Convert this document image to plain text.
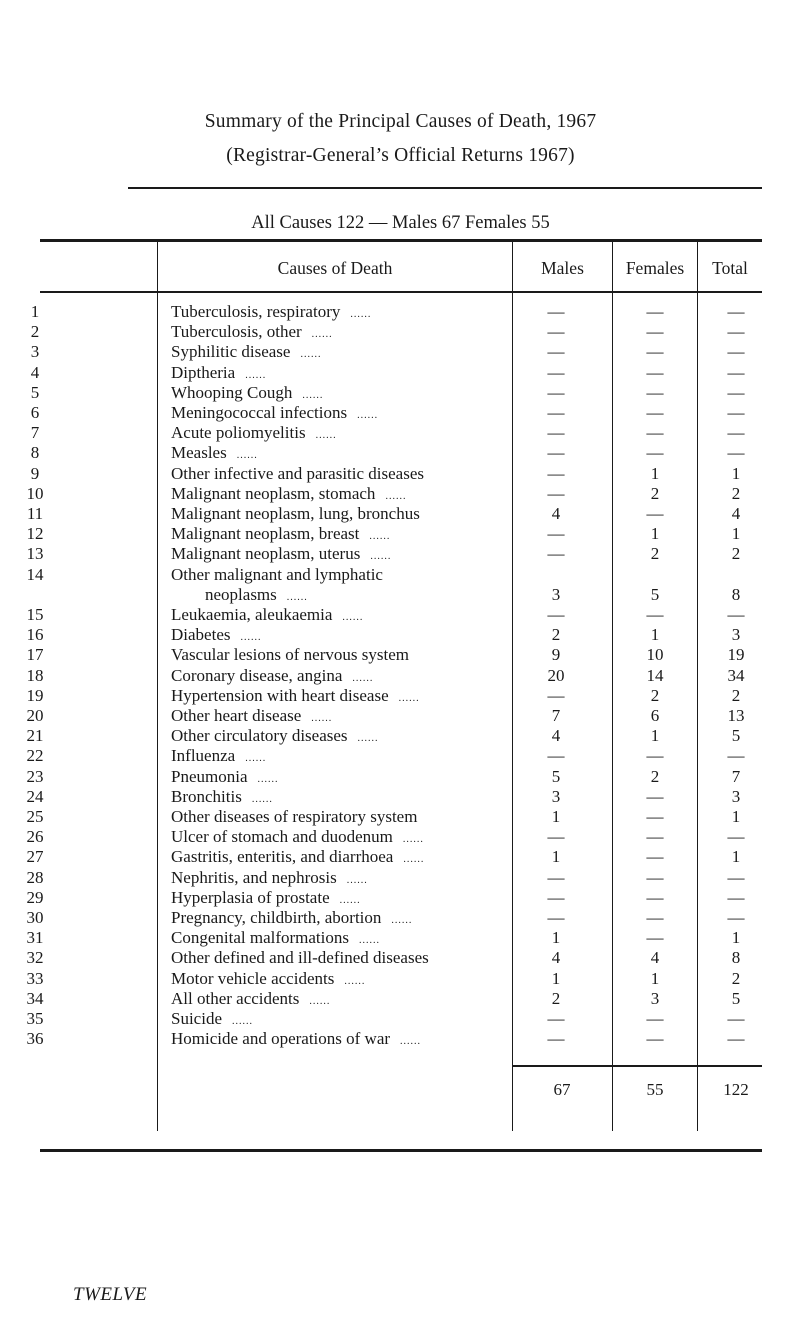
Summary of the Principal Causes of Death, 1967
(Registrar-General’s Official Returns 1967)
All Causes 122 — Males 67 Females 55
Causes of Death	Males	Females	Total
1	Tuberculosis, respiratory ......	—	—	—
2	Tuberculosis, other ......	—	—	—
3	Syphilitic disease ......	—	—	—
4	Diptheria ......	—	—	—
5	Whooping Cough ......	—	—	—
6	Meningococcal infections ......	—	—	—
7	Acute poliomyelitis ......	—	—	—
8	Measles ......	—	—	—
9	Other infective and parasitic diseases	—	1	1
10	Malignant neoplasm, stomach ......	—	2	2
11	Malignant neoplasm, lung, bronchus	4	—	4
12	Malignant neoplasm, breast ......	—	1	1
13	Malignant neoplasm, uterus ......	—	2	2
14	Other malignant and lymphatic
neoplasms ......	3	5	8
15	Leukaemia, aleukaemia ......	—	—	—
16	Diabetes ......	2	1	3
17	Vascular lesions of nervous system	9	10	19
18	Coronary disease, angina ......	20	14	34
19	Hypertension with heart disease ......	—	2	2
20	Other heart disease ......	7	6	13
21	Other circulatory diseases ......	4	1	5
22	Influenza ......	—	—	—
23	Pneumonia ......	5	2	7
24	Bronchitis ......	3	—	3
25	Other diseases of respiratory system	1	—	1
26	Ulcer of stomach and duodenum ......	—	—	—
27	Gastritis, enteritis, and diarrhoea ......	1	—	1
28	Nephritis, and nephrosis ......	—	—	—
29	Hyperplasia of prostate ......	—	—	—
30	Pregnancy, childbirth, abortion ......	—	—	—
31	Congenital malformations ......	1	—	1
32	Other defined and ill-defined diseases	4	4	8
33	Motor vehicle accidents ......	1	1	2
34	All other accidents ......	2	3	5
35	Suicide ......	—	—	—
36	Homicide and operations of war ......	—	—	—
67	55	122
TWELVE
